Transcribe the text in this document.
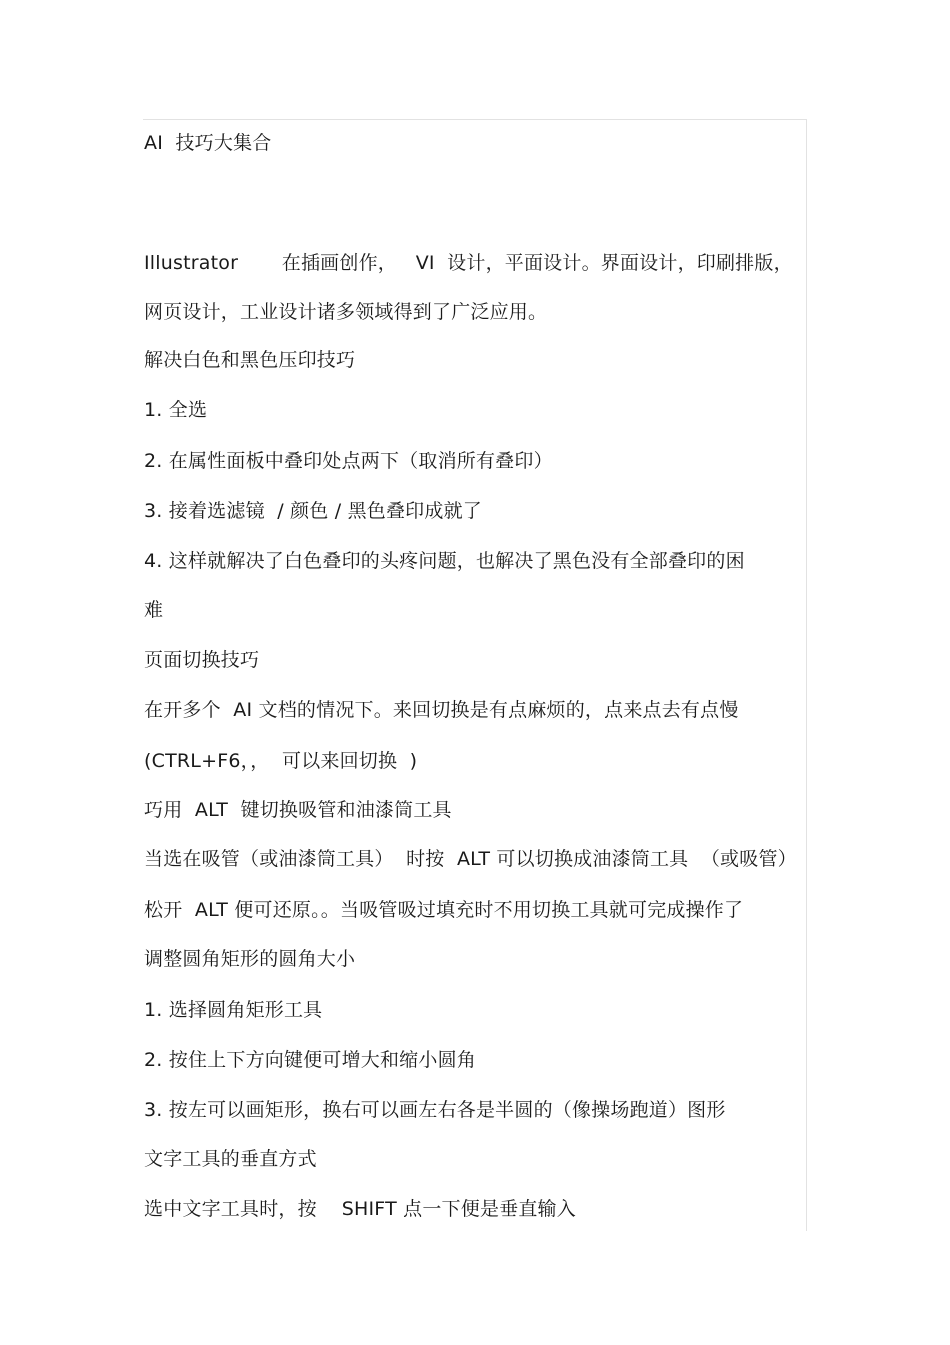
AI  技巧大集合
Illustrator       在插画创作，   VI  设计，平面设计。界面设计，印刷排版，
网页设计，工业设计诸多领域得到了广泛应用。
解决白色和黑色压印技巧
1. 全选
2. 在属性面板中叠印处点两下（取消所有叠印）
3. 接着选滤镜  / 颜色 / 黑色叠印成就了
4. 这样就解决了白色叠印的头疼问题，也解决了黑色没有全部叠印的困
难
页面切换技巧
在开多个  AI 文档的情况下。来回切换是有点麻烦的，点来点去有点慢
(CTRL+F6，，  可以来回切换  )
巧用  ALT  键切换吸管和油漆筒工具
当选在吸管（或油漆筒工具）  时按  ALT 可以切换成油漆筒工具  （或吸管）
松开  ALT 便可还原。。当吸管吸过填充时不用切换工具就可完成操作了
调整圆角矩形的圆角大小
1. 选择圆角矩形工具
2. 按住上下方向键便可增大和缩小圆角
3. 按左可以画矩形，换右可以画左右各是半圆的（像操场跑道）图形
文字工具的垂直方式
选中文字工具时，按    SHIFT 点一下便是垂直输入
